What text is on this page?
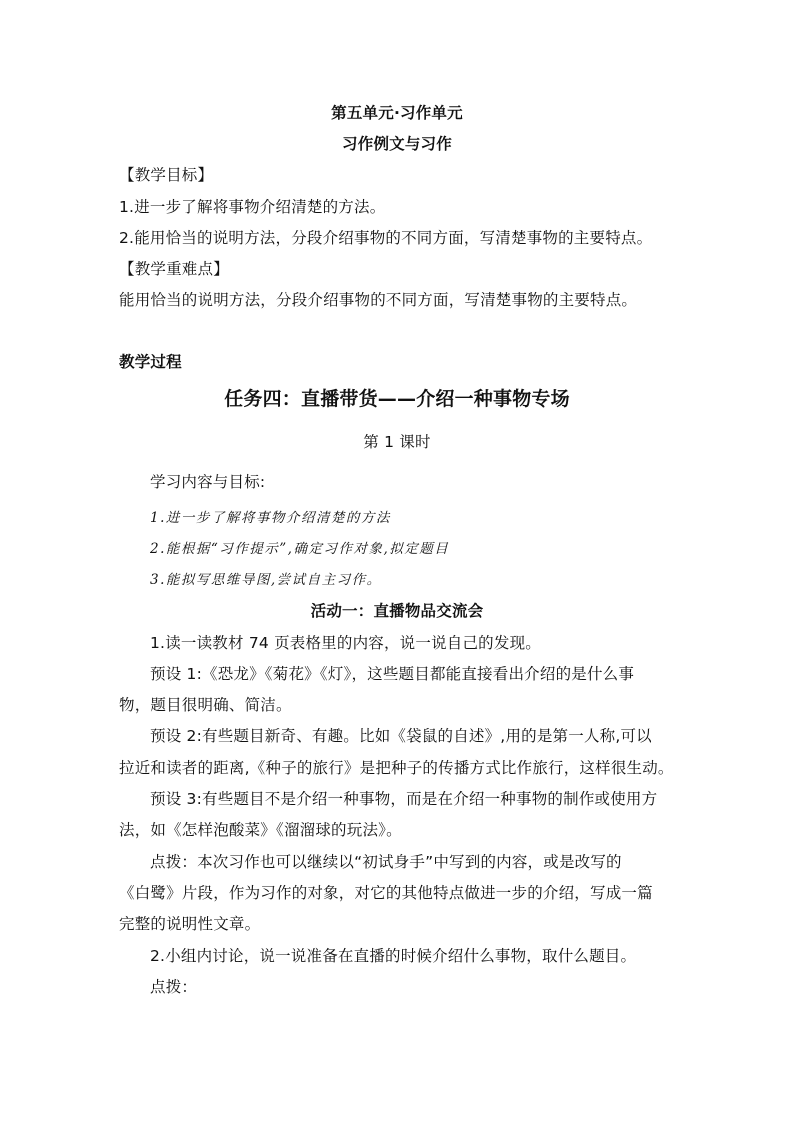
第五单元·习作单元
习作例文与习作
【教学目标】
1.进一步了解将事物介绍清楚的方法。
2.能用恰当的说明方法，分段介绍事物的不同方面，写清楚事物的主要特点。
【教学重难点】
能用恰当的说明方法，分段介绍事物的不同方面，写清楚事物的主要特点。
教学过程
任务四：直播带货——介绍一种事物专场
第 1 课时
学习内容与目标:
1.进一步了解将事物介绍清楚的方法
2.能根据“习作提示”,确定习作对象,拟定题目
3.能拟写思维导图,尝试自主习作。
活动一：直播物品交流会
1.读一读教材 74 页表格里的内容，说一说自己的发现。
预设 1:《恐龙》《菊花》《灯》，这些题目都能直接看出介绍的是什么事
物，题目很明确、简洁。
预设 2:有些题目新奇、有趣。比如《袋鼠的自述》,用的是第一人称,可以
拉近和读者的距离,《种子的旅行》是把种子的传播方式比作旅行，这样很生动。
预设 3:有些题目不是介绍一种事物，而是在介绍一种事物的制作或使用方
法，如《怎样泡酸菜》《溜溜球的玩法》。
点拨：本次习作也可以继续以“初试身手”中写到的内容，或是改写的
《白鹭》片段，作为习作的对象，对它的其他特点做进一步的介绍，写成一篇
完整的说明性文章。
2.小组内讨论，说一说准备在直播的时候介绍什么事物，取什么题目。
点拨：
